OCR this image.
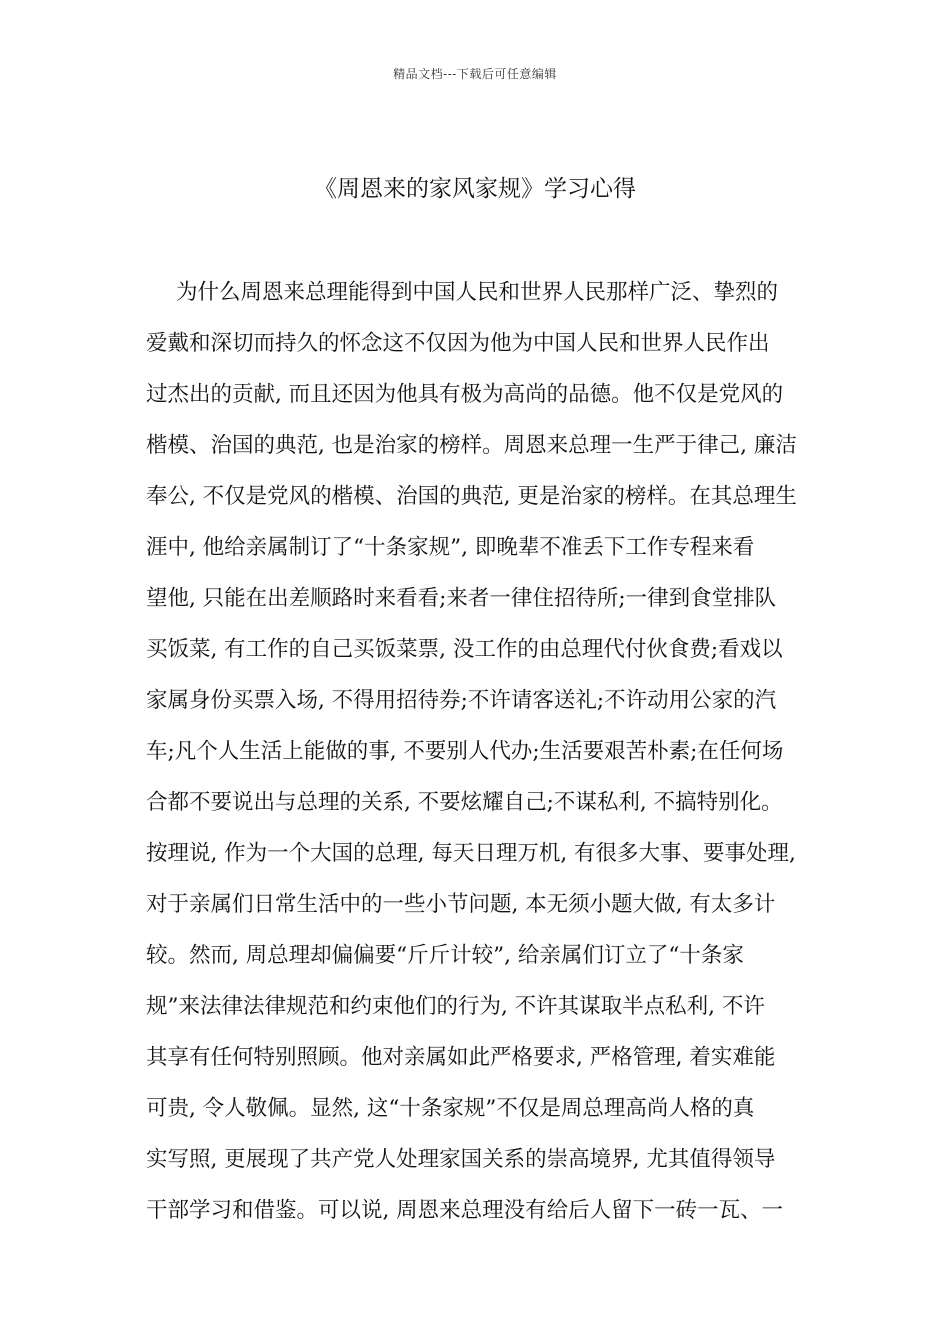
精品文档---下载后可任意编辑
《周恩来的家风家规》学习心得
为什么周恩来总理能得到中国人民和世界人民那样广泛、挚烈的
爱戴和深切而持久的怀念这不仅因为他为中国人民和世界人民作出
过杰出的贡献, 而且还因为他具有极为高尚的品德。他不仅是党风的
楷模、治国的典范, 也是治家的榜样。周恩来总理一生严于律己, 廉洁
奉公, 不仅是党风的楷模、治国的典范, 更是治家的榜样。在其总理生
涯中, 他给亲属制订了“十条家规”, 即晚辈不准丢下工作专程来看
望他, 只能在出差顺路时来看看;来者一律住招待所;一律到食堂排队
买饭菜, 有工作的自己买饭菜票, 没工作的由总理代付伙食费;看戏以
家属身份买票入场, 不得用招待券;不许请客送礼;不许动用公家的汽
车;凡个人生活上能做的事, 不要别人代办;生活要艰苦朴素;在任何场
合都不要说出与总理的关系, 不要炫耀自己;不谋私利, 不搞特别化。
按理说, 作为一个大国的总理, 每天日理万机, 有很多大事、要事处理,
对于亲属们日常生活中的一些小节问题, 本无须小题大做, 有太多计
较。然而, 周总理却偏偏要“斤斤计较”, 给亲属们订立了“十条家
规”来法律法律规范和约束他们的行为, 不许其谋取半点私利, 不许
其享有任何特别照顾。他对亲属如此严格要求, 严格管理, 着实难能
可贵, 令人敬佩。显然, 这“十条家规”不仅是周总理高尚人格的真
实写照, 更展现了共产党人处理家国关系的崇高境界, 尤其值得领导
干部学习和借鉴。可以说, 周恩来总理没有给后人留下一砖一瓦、一
